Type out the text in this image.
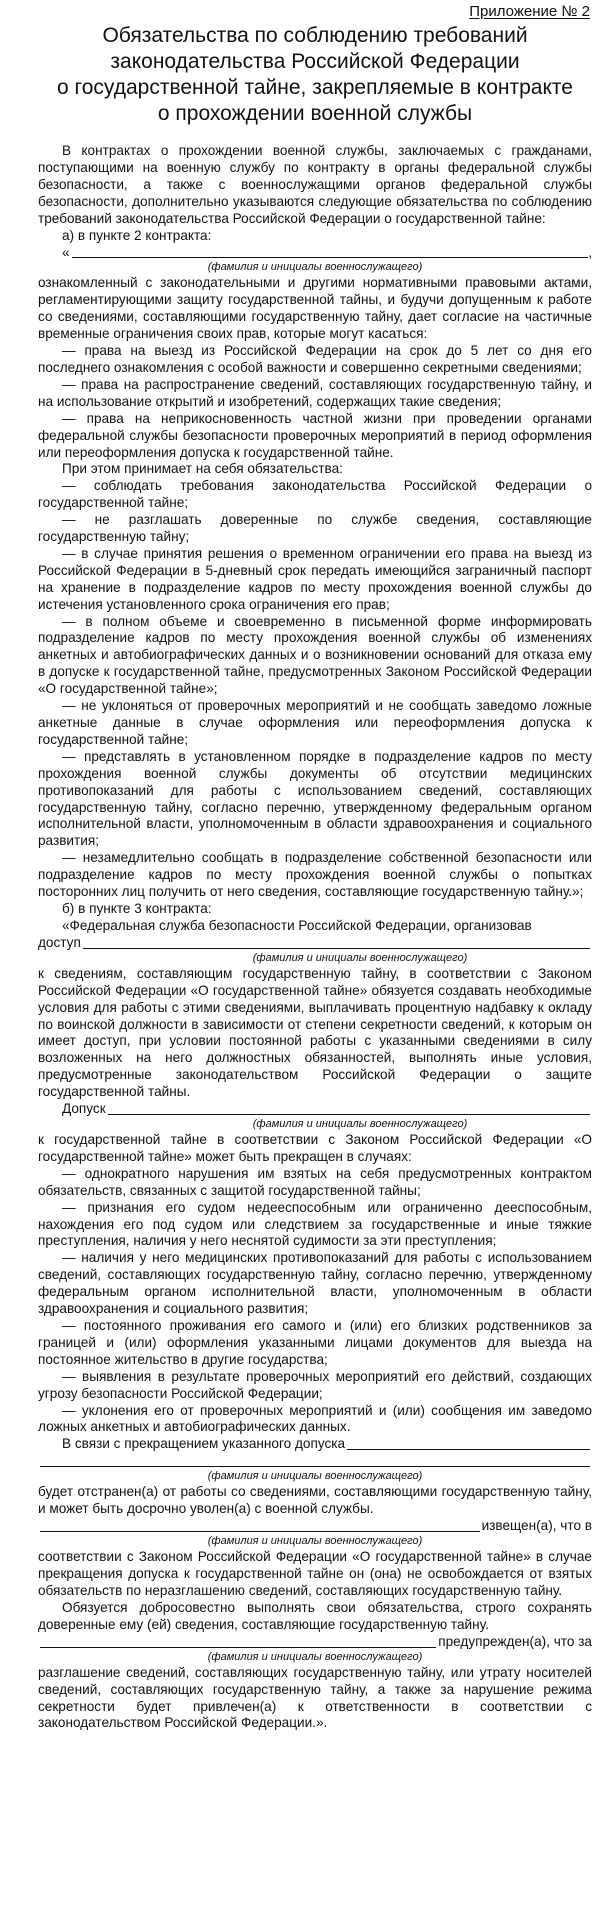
Приложение № 2
Обязательства по соблюдению требований
законодательства Российской Федерации
о государственной тайне, закрепляемые в контракте
о прохождении военной службы

В контрактах о прохождении военной службы, заключаемых с гражданами, поступающими на военную службу по контракту в органы федеральной службы безопасности, а также с военнослужащими органов федеральной службы безопасности, дополнительно указываются следующие обязательства по соблюдению требований законодательства Российской Федерации о государственной тайне:

а) в пункте 2 контракта:

«	,
(фамилия и инициалы военнослужащего)

ознакомленный с законодательными и другими нормативными правовыми актами, регламентирующими защиту государственной тайны, и будучи допущенным к работе со сведениями, составляющими государственную тайну, дает согласие на частичные временные ограничения своих прав, которые могут касаться:

— права на выезд из Российской Федерации на срок до 5 лет со дня его последнего ознакомления с особой важности и совершенно секретными сведениями;

— права на распространение сведений, составляющих государственную тайну, и на использование открытий и изобретений, содержащих такие сведения;

— права на неприкосновенность частной жизни при проведении органами федеральной службы безопасности проверочных мероприятий в период оформления или переоформления допуска к государственной тайне.

При этом принимает на себя обязательства:

— соблюдать требования законодательства Российской Федерации о государственной тайне;

— не разглашать доверенные по службе сведения, составляющие государственную тайну;

— в случае принятия решения о временном ограничении его права на выезд из Российской Федерации в 5-дневный срок передать имеющийся заграничный паспорт на хранение в подразделение кадров по месту прохождения военной службы до истечения установленного срока ограничения его прав;

— в полном объеме и своевременно в письменной форме информировать подразделение кадров по месту прохождения военной службы об изменениях анкетных и автобиографических данных и о возникновении оснований для отказа ему в допуске к государственной тайне, предусмотренных Законом Российской Федерации «О государственной тайне»;

— не уклоняться от проверочных мероприятий и не сообщать заведомо ложные анкетные данные в случае оформления или переоформления допуска к государственной тайне;

— представлять в установленном порядке в подразделение кадров по месту прохождения военной службы документы об отсутствии медицинских противопоказаний для работы с использованием сведений, составляющих государственную тайну, согласно перечню, утвержденному федеральным органом исполнительной власти, уполномоченным в области здравоохранения и социального развития;

— незамедлительно сообщать в подразделение собственной безопасности или подразделение кадров по месту прохождения военной службы о попытках посторонних лиц получить от него сведения, составляющие государственную тайну.»;

б) в пункте 3 контракта:

«Федеральная служба безопасности Российской Федерации, организовав

доступ
(фамилия и инициалы военнослужащего)

к сведениям, составляющим государственную тайну, в соответствии с Законом Российской Федерации «О государственной тайне» обязуется создавать необходимые условия для работы с этими сведениями, выплачивать процентную надбавку к окладу по воинской должности в зависимости от степени секретности сведений, к которым он имеет доступ, при условии постоянной работы с указанными сведениями в силу возложенных на него должностных обязанностей, выполнять иные условия, предусмотренные законодательством Российской Федерации о защите государственной тайны.

Допуск
(фамилия и инициалы военнослужащего)

к государственной тайне в соответствии с Законом Российской Федерации «О государственной тайне» может быть прекращен в случаях:

— однократного нарушения им взятых на себя предусмотренных контрактом обязательств, связанных с защитой государственной тайны;

— признания его судом недееспособным или ограниченно дееспособным, нахождения его под судом или следствием за государственные и иные тяжкие преступления, наличия у него неснятой судимости за эти преступления;

— наличия у него медицинских противопоказаний для работы с использованием сведений, составляющих государственную тайну, согласно перечню, утвержденному федеральным органом исполнительной власти, уполномоченным в области здравоохранения и социального развития;

— постоянного проживания его самого и (или) его близких родственников за границей и (или) оформления указанными лицами документов для выезда на постоянное жительство в другие государства;

— выявления в результате проверочных мероприятий его действий, создающих угрозу безопасности Российской Федерации;

— уклонения его от проверочных мероприятий и (или) сообщения им заведомо ложных анкетных и автобиографических данных.

В связи с прекращением указанного допуска
(фамилия и инициалы военнослужащего)

будет отстранен(а) от работы со сведениями, составляющими государственную тайну, и может быть досрочно уволен(а) с военной службы.

извещен(а), что в
(фамилия и инициалы военнослужащего)

соответствии с Законом Российской Федерации «О государственной тайне» в случае прекращения допуска к государственной тайне он (она) не освобождается от взятых обязательств по неразглашению сведений, составляющих государственную тайну.

Обязуется добросовестно выполнять свои обязательства, строго сохранять доверенные ему (ей) сведения, составляющие государственную тайну.

предупрежден(а), что за
(фамилия и инициалы военнослужащего)

разглашение сведений, составляющих государственную тайну, или утрату носителей сведений, составляющих государственную тайну, а также за нарушение режима секретности будет привлечен(а) к ответственности в соответствии с законодательством Российской Федерации.».
